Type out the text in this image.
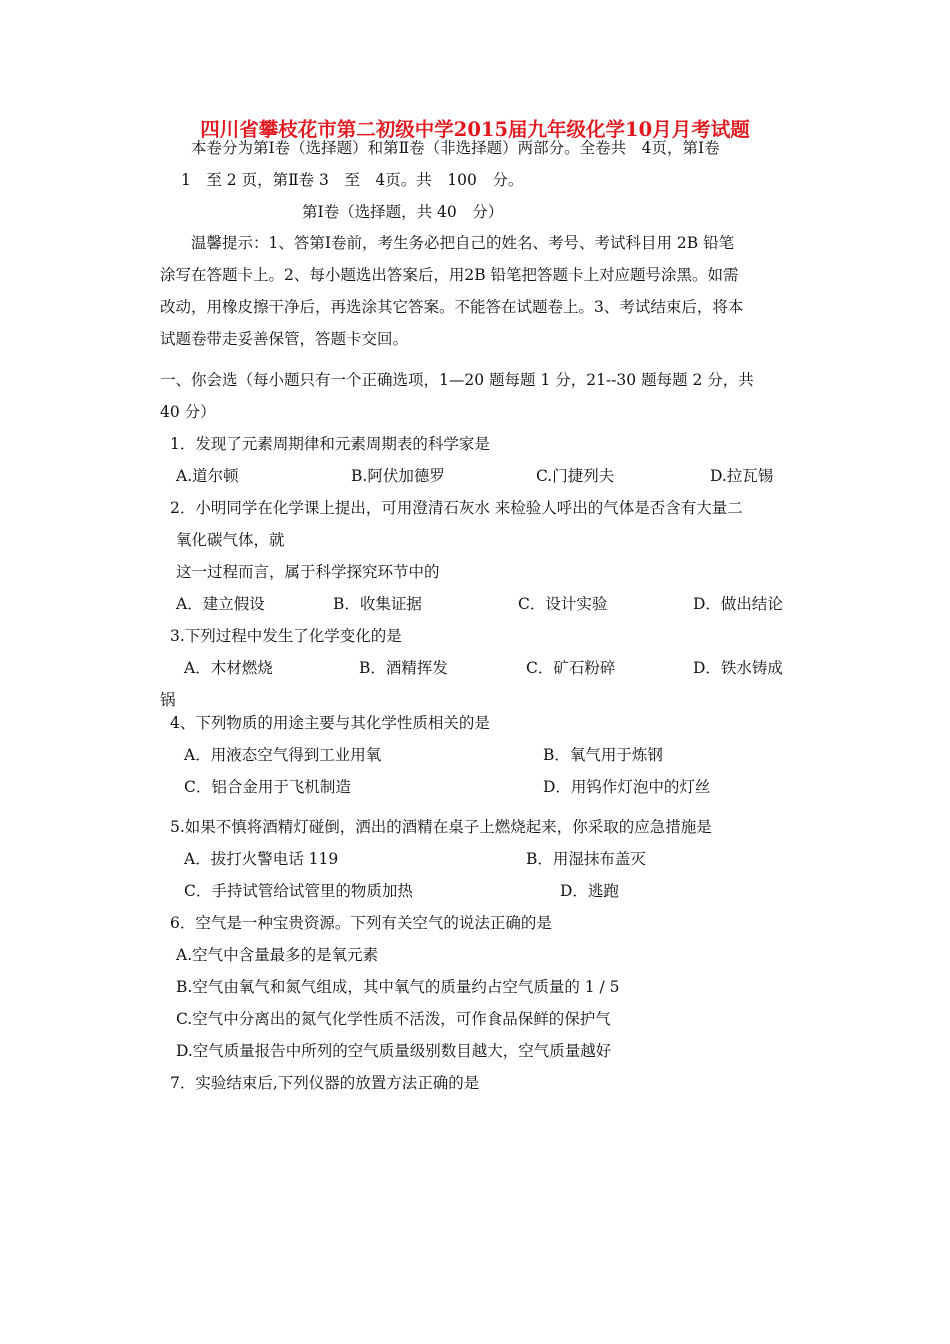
四川省攀枝花市第二初级中学2015届九年级化学10月月考试题
本卷分为第Ⅰ卷（选择题）和第Ⅱ卷（非选择题）两部分。全卷共　4页，第Ⅰ卷
1　至 2 页，第Ⅱ卷 3　至　4页。共　100　分。
第Ⅰ卷（选择题，共 40　分）
温馨提示：1、答第Ⅰ卷前，考生务必把自己的姓名、考号、考试科目用 2B 铅笔
涂写在答题卡上。2、每小题选出答案后，用2B 铅笔把答题卡上对应题号涂黑。如需
改动，用橡皮擦干净后，再选涂其它答案。不能答在试题卷上。3、考试结束后，将本
试题卷带走妥善保管，答题卡交回。
一、你会选（每小题只有一个正确选项，1—20 题每题 1 分，21--30 题每题 2 分，共
40 分）
1．发现了元素周期律和元素周期表的科学家是
A.道尔顿	B.阿伏加德罗	C.门捷列夫	D.拉瓦锡
2．小明同学在化学课上提出，可用澄清石灰水 来检验人呼出的气体是否含有大量二
氧化碳气体，就
这一过程而言，属于科学探究环节中的
A．建立假设	B．收集证据	C．设计实验	D．做出结论
3.下列过程中发生了化学变化的是
A．木材燃烧	B．酒精挥发	C．矿石粉碎	D．铁水铸成
锅
4、下列物质的用途主要与其化学性质相关的是
A．用液态空气得到工业用氧	B．氧气用于炼钢
C．铝合金用于飞机制造	D．用钨作灯泡中的灯丝
5.如果不慎将酒精灯碰倒，洒出的酒精在桌子上燃烧起来，你采取的应急措施是
A．拔打火警电话 119	B．用湿抹布盖灭
C．手持试管给试管里的物质加热	D．逃跑
6．空气是一种宝贵资源。下列有关空气的说法正确的是
A.空气中含量最多的是氧元素
B.空气由氧气和氮气组成，其中氧气的质量约占空气质量的 1 / 5
C.空气中分离出的氮气化学性质不活泼，可作食品保鲜的保护气
D.空气质量报告中所列的空气质量级别数目越大，空气质量越好
7．实验结束后,下列仪器的放置方法正确的是
